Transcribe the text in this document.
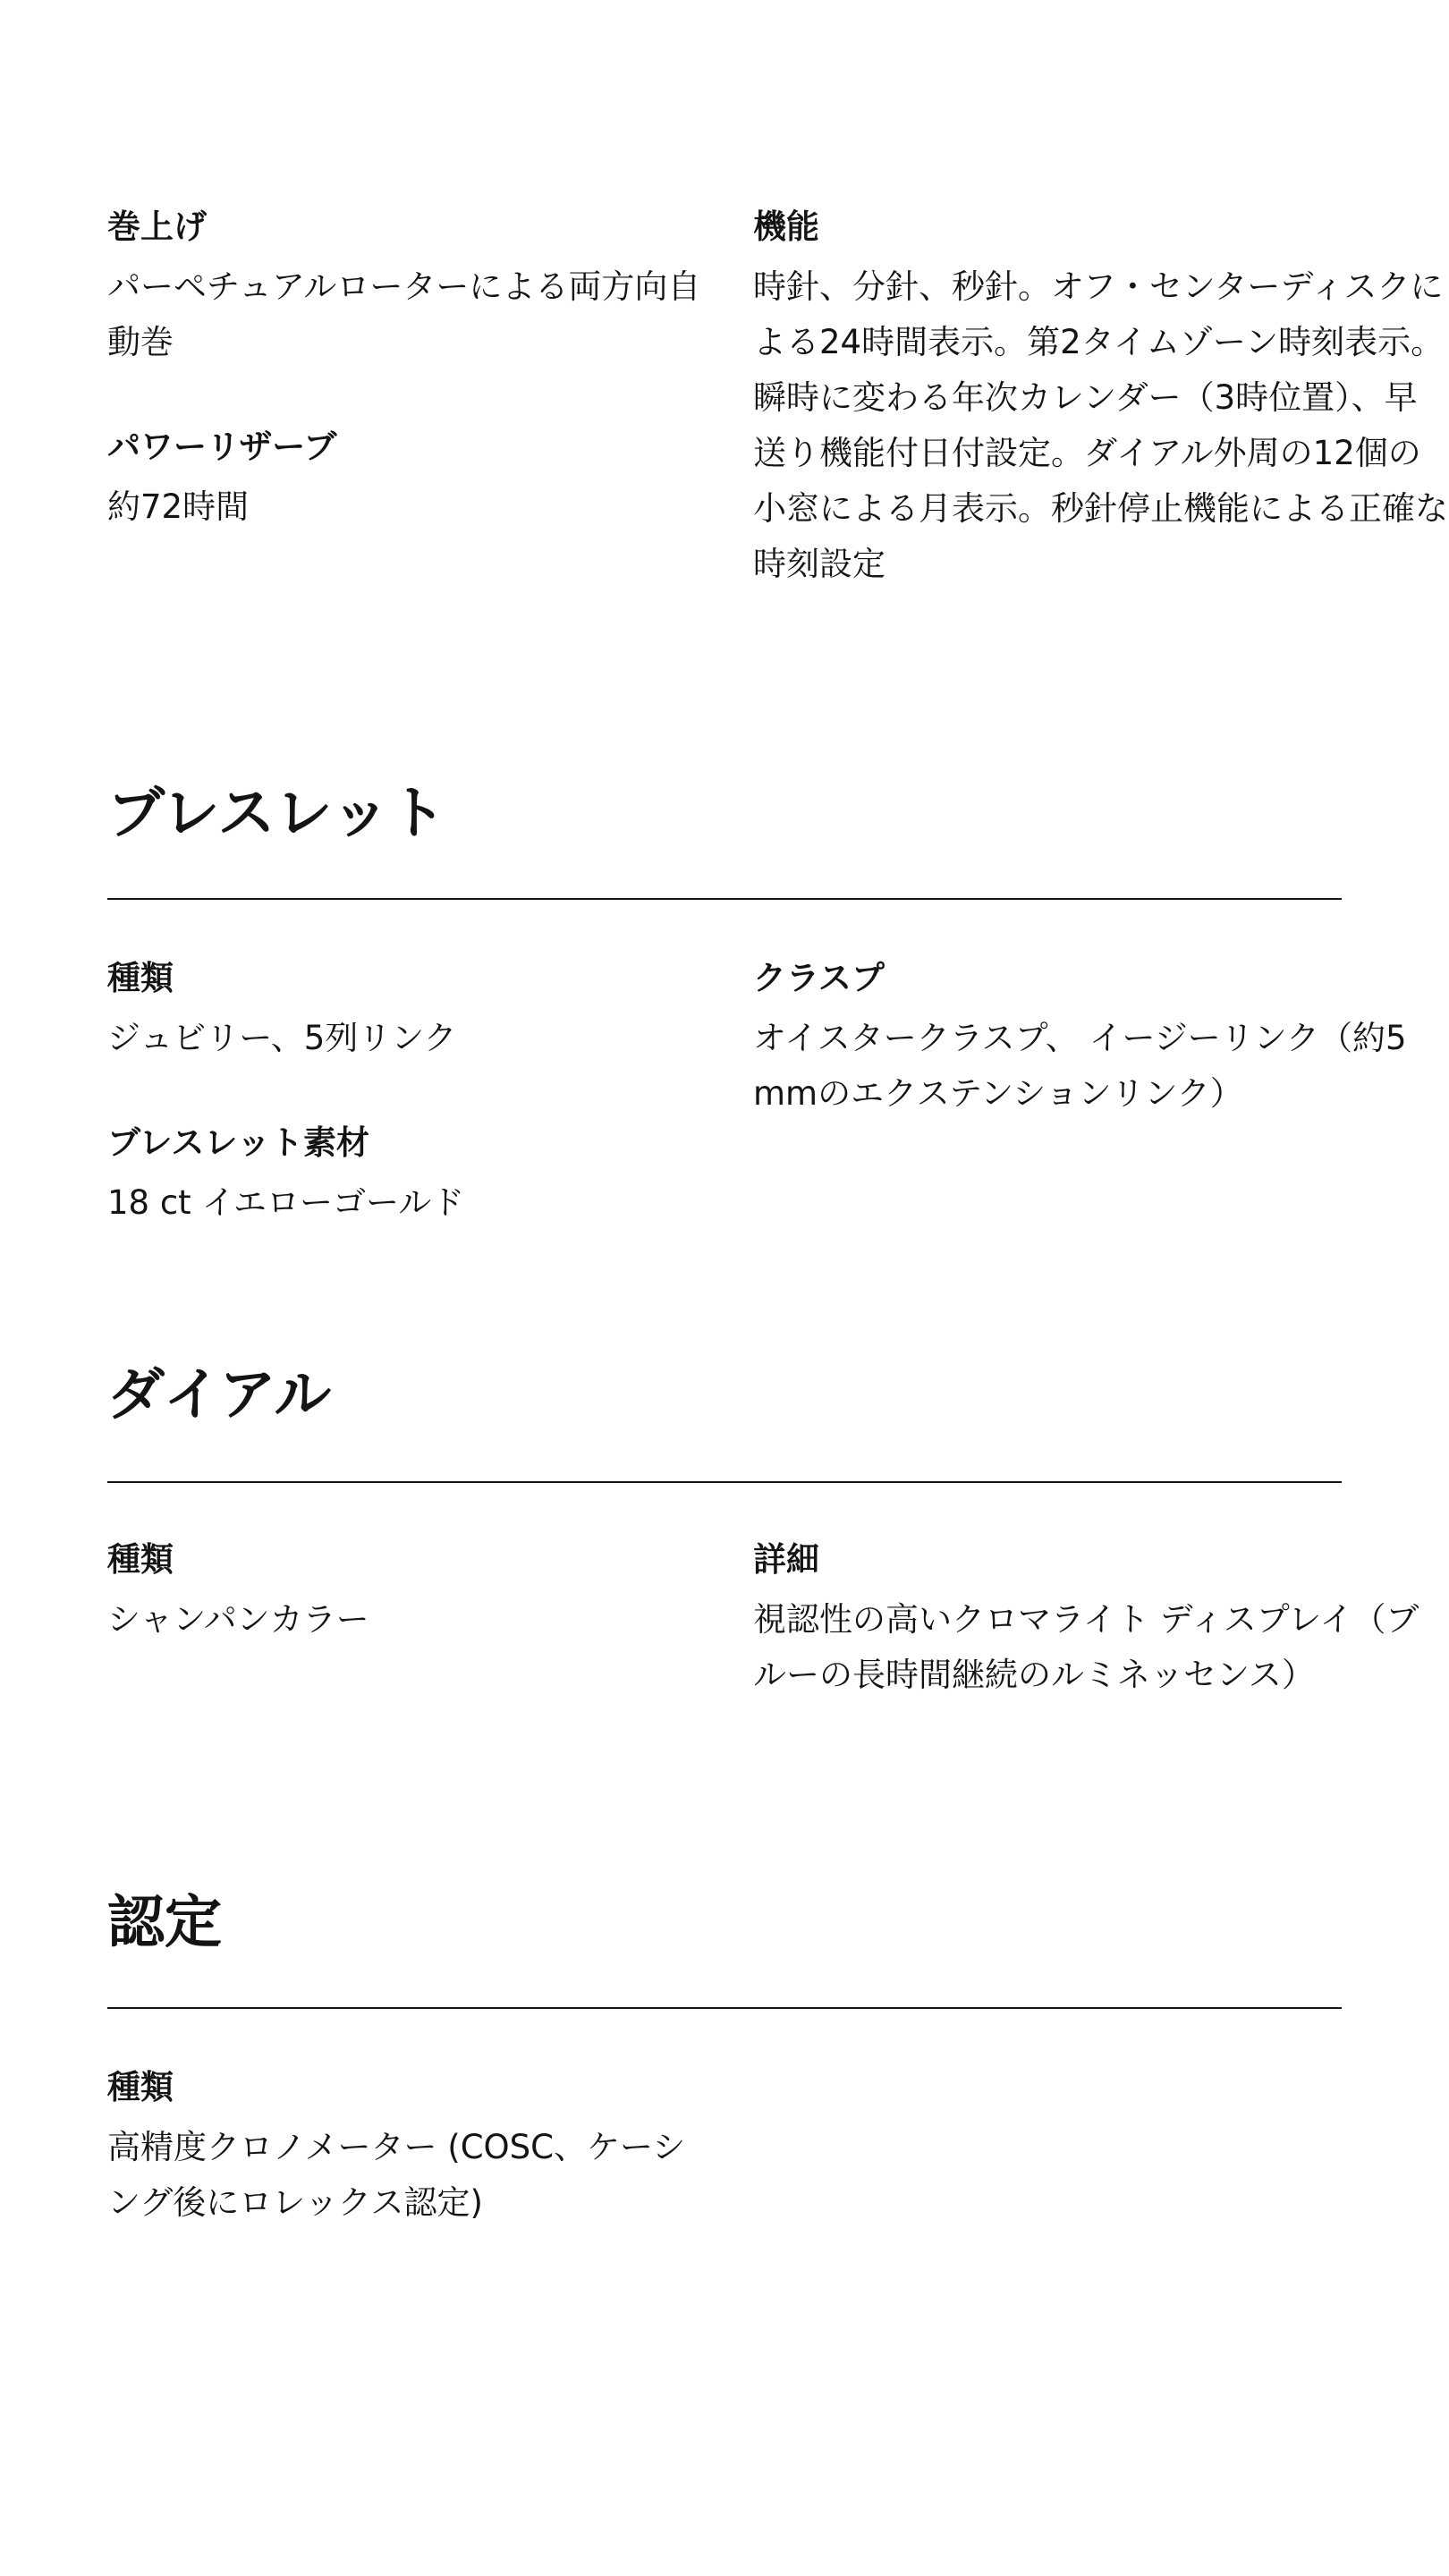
巻上げ
パーペチュアルローターによる両方向自動巻
パワーリザーブ
約72時間
機能
時針、分針、秒針。オフ・センターディスクによる24時間表示。第2タイムゾーン時刻表示。瞬時に変わる年次カレンダー（3時位置）、早送り機能付日付設定。ダイアル外周の12個の小窓による月表示。秒針停止機能による正確な時刻設定
ブレスレット
種類
ジュビリー、5列リンク
ブレスレット素材
18 ct イエローゴールド
クラスプ
オイスタークラスプ、 イージーリンク（約5 mmのエクステンションリンク）
ダイアル
種類
シャンパンカラー
詳細
視認性の高いクロマライト ディスプレイ（ブルーの長時間継続のルミネッセンス）
認定
種類
高精度クロノメーター (COSC、ケーシング後にロレックス認定)
